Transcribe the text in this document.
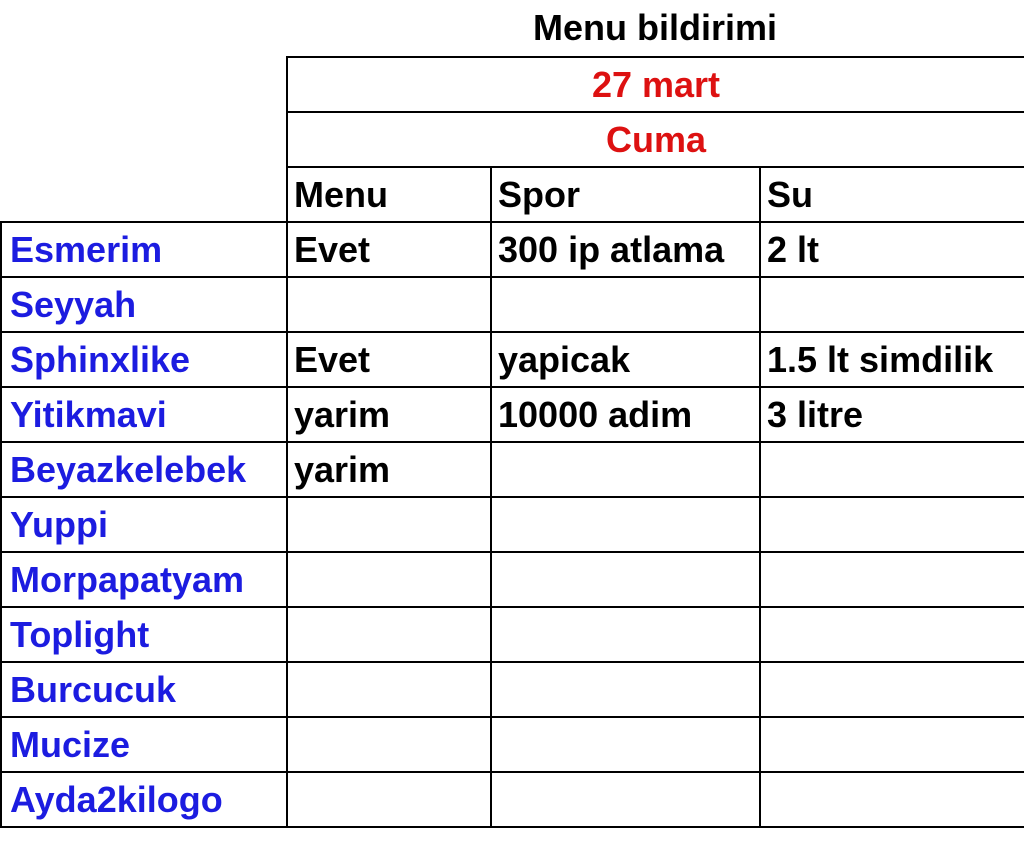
Menu bildirimi
	27 mart		
	Cuma		
	Menu	Spor	Su
Esmerim	Evet	300 ip atlama	2 lt
Seyyah			
Sphinxlike	Evet	yapicak	1.5 lt simdilik
Yitikmavi	yarim	10000 adim	3 litre
Beyazkelebek	yarim		
Yuppi			
Morpapatyam			
Toplight			
Burcucuk			
Mucize			
Ayda2kilogo			
